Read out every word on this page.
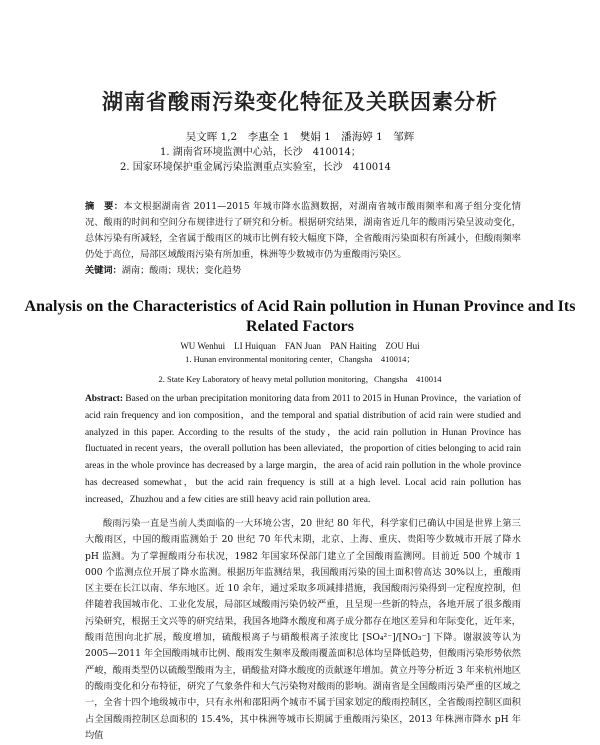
湖南省酸雨污染变化特征及关联因素分析
吴文晖 1,2　李惠全 1　樊娟 1　潘海婷 1　邹辉
1. 湖南省环境监测中心站，长沙　410014；
2. 国家环境保护重金属污染监测重点实验室，长沙　410014
摘　要：本文根据湖南省 2011—2015 年城市降水监测数据，对湖南省城市酸雨频率和离子组分变化情况、酸雨的时间和空间分布规律进行了研究和分析。根据研究结果，湖南省近几年的酸雨污染呈波动变化，总体污染有所减轻，全省属于酸雨区的城市比例有较大幅度下降，全省酸雨污染面积有所减小，但酸雨频率仍处于高位，局部区域酸雨污染有所加重，株洲等少数城市仍为重酸雨污染区。
关键词：湖南；酸雨；现状；变化趋势
Analysis on the Characteristics of Acid Rain pollution in Hunan Province and Its Related Factors
WU Wenhui　LI Huiquan　FAN Juan　PAN Haiting　ZOU Hui
1. Hunan environmental monitoring center，Changsha　410014；
2. State Key Laboratory of heavy metal pollution monitoring，Changsha　410014
Abstract: Based on the urban precipitation monitoring data from 2011 to 2015 in Hunan Province，the variation of acid rain frequency and ion composition，and the temporal and spatial distribution of acid rain were studied and analyzed in this paper. According to the results of the study，the acid rain pollution in Hunan Province has fluctuated in recent years，the overall pollution has been alleviated，the proportion of cities belonging to acid rain areas in the whole province has decreased by a large margin，the area of acid rain pollution in the whole province has decreased somewhat，but the acid rain frequency is still at a high level. Local acid rain pollution has increased，Zhuzhou and a few cities are still heavy acid rain pollution area.
酸雨污染一直是当前人类面临的一大环境公害，20 世纪 80 年代，科学家们已确认中国是世界上第三大酸雨区，中国的酸雨监测始于 20 世纪 70 年代末期，北京、上海、重庆、贵阳等少数城市开展了降水 pH 监测。为了掌握酸雨分布状况，1982 年国家环保部门建立了全国酸雨监测网。目前近 500 个城市 1 000 个监测点位开展了降水监测。根据历年监测结果，我国酸雨污染的国土面积曾高达 30%以上，重酸雨区主要在长江以南、华东地区。近 10 余年，通过采取多项减排措施，我国酸雨污染得到一定程度控制，但伴随着我国城市化、工业化发展，局部区域酸雨污染仍较严重，且呈现一些新的特点，各地开展了很多酸雨污染研究，根据王文兴等的研究结果，我国各地降水酸度和离子成分都存在地区差异和年际变化，近年来，酸雨范围向北扩展，酸度增加，硫酸根离子与硝酸根离子浓度比 [SO₄²⁻]/[NO₃⁻] 下降。谢淑波等认为 2005—2011 年全国酸雨城市比例、酸雨发生频率及酸雨覆盖面积总体均呈降低趋势，但酸雨污染形势依然严峻，酸雨类型仍以硫酸型酸雨为主，硝酸盐对降水酸度的贡献逐年增加。黄立丹等分析近 3 年来杭州地区的酸雨变化和分布特征，研究了气象条件和大气污染物对酸雨的影响。湖南省是全国酸雨污染严重的区域之一，全省十四个地级城市中，只有永州和邵阳两个城市不属于国家划定的酸雨控制区，全省酸雨控制区面积占全国酸雨控制区总面积的 15.4%，其中株洲等城市长期属于重酸雨污染区，2013 年株洲市降水 pH 年均值
